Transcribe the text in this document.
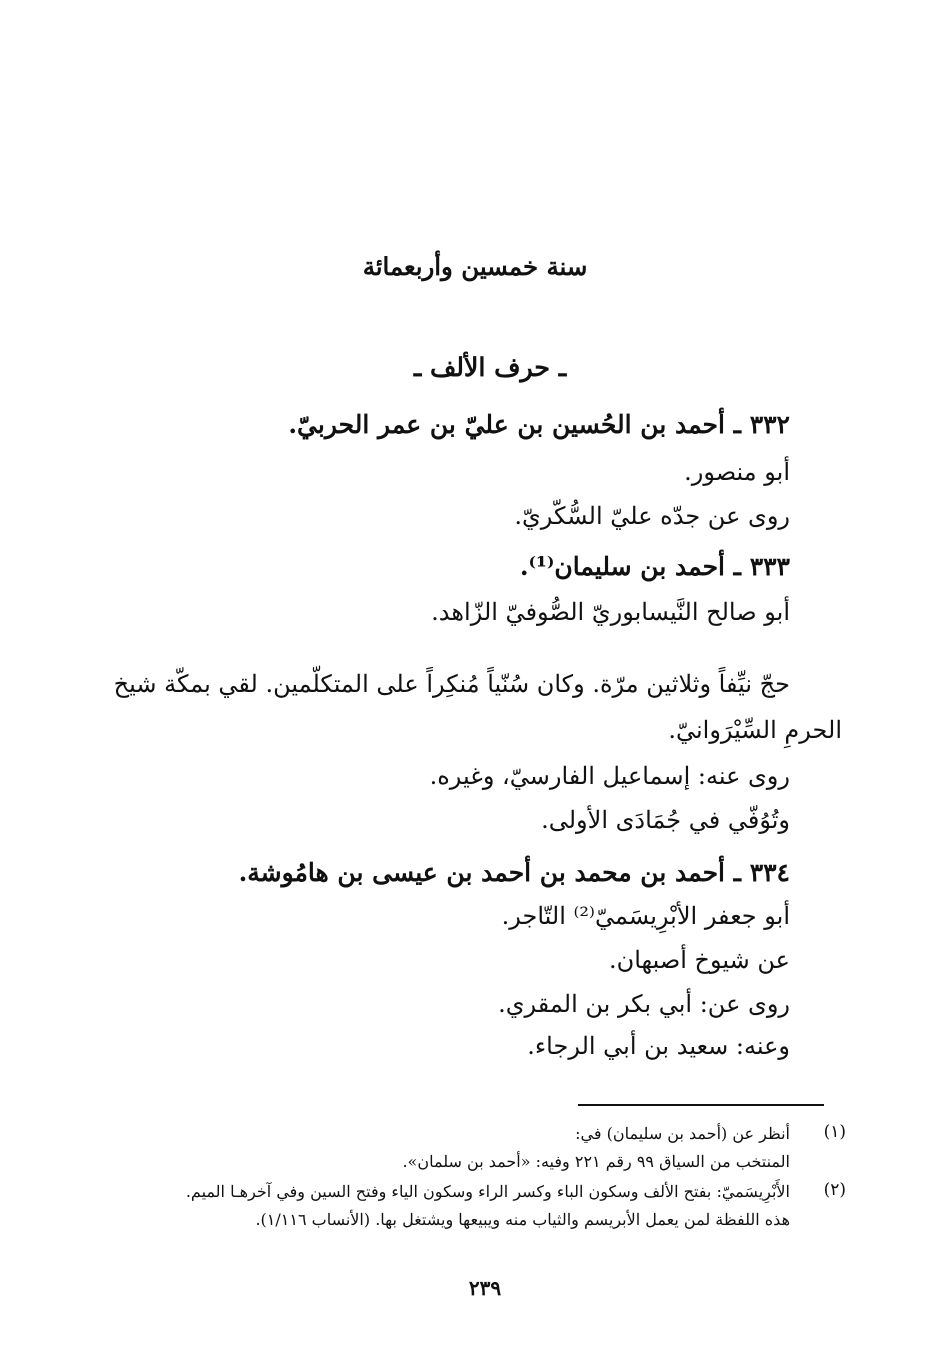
سنة خمسين وأربعمائة
ـ حرف الألف ـ
٣٣٢ ـ أحمد بن الحُسين بن عليّ بن عمر الحربيّ.
أبو منصور.
روى عن جدّه عليّ السُّكّريّ.
٣٣٣ ـ أحمد بن سليمان⁽¹⁾.
أبو صالح النَّيسابوريّ الصُّوفيّ الزّاهد.
حجّ نيِّفاً وثلاثين مرّة. وكان سُنّياً مُنكِراً على المتكلّمين. لقي بمكّة شيخ
الحرمِ السِّيْرَوانيّ.
روى عنه: إسماعيل الفارسيّ، وغيره.
وتُوُفّي في جُمَادَى الأولى.
٣٣٤ ـ أحمد بن محمد بن أحمد بن عيسى بن هامُوشة.
أبو جعفر الأبْرِيسَميّ⁽²⁾ التّاجر.
عن شيوخ أصبهان.
روى عن: أبي بكر بن المقري.
وعنه: سعيد بن أبي الرجاء.
(١)
أنظر عن (أحمد بن سليمان) في:
المنتخب من السياق ٩٩ رقم ٢٢١ وفيه: «أحمد بن سلمان».
(٢)
الأَبْرِيسَميّ: بفتح الألف وسكون الباء وكسر الراء وسكون الياء وفتح السين وفي آخرهـا الميم.
هذه اللفظة لمن يعمل الأبريسم والثياب منه ويبيعها ويشتغل بها. (الأنساب ١/١١٦).
٢٣٩
